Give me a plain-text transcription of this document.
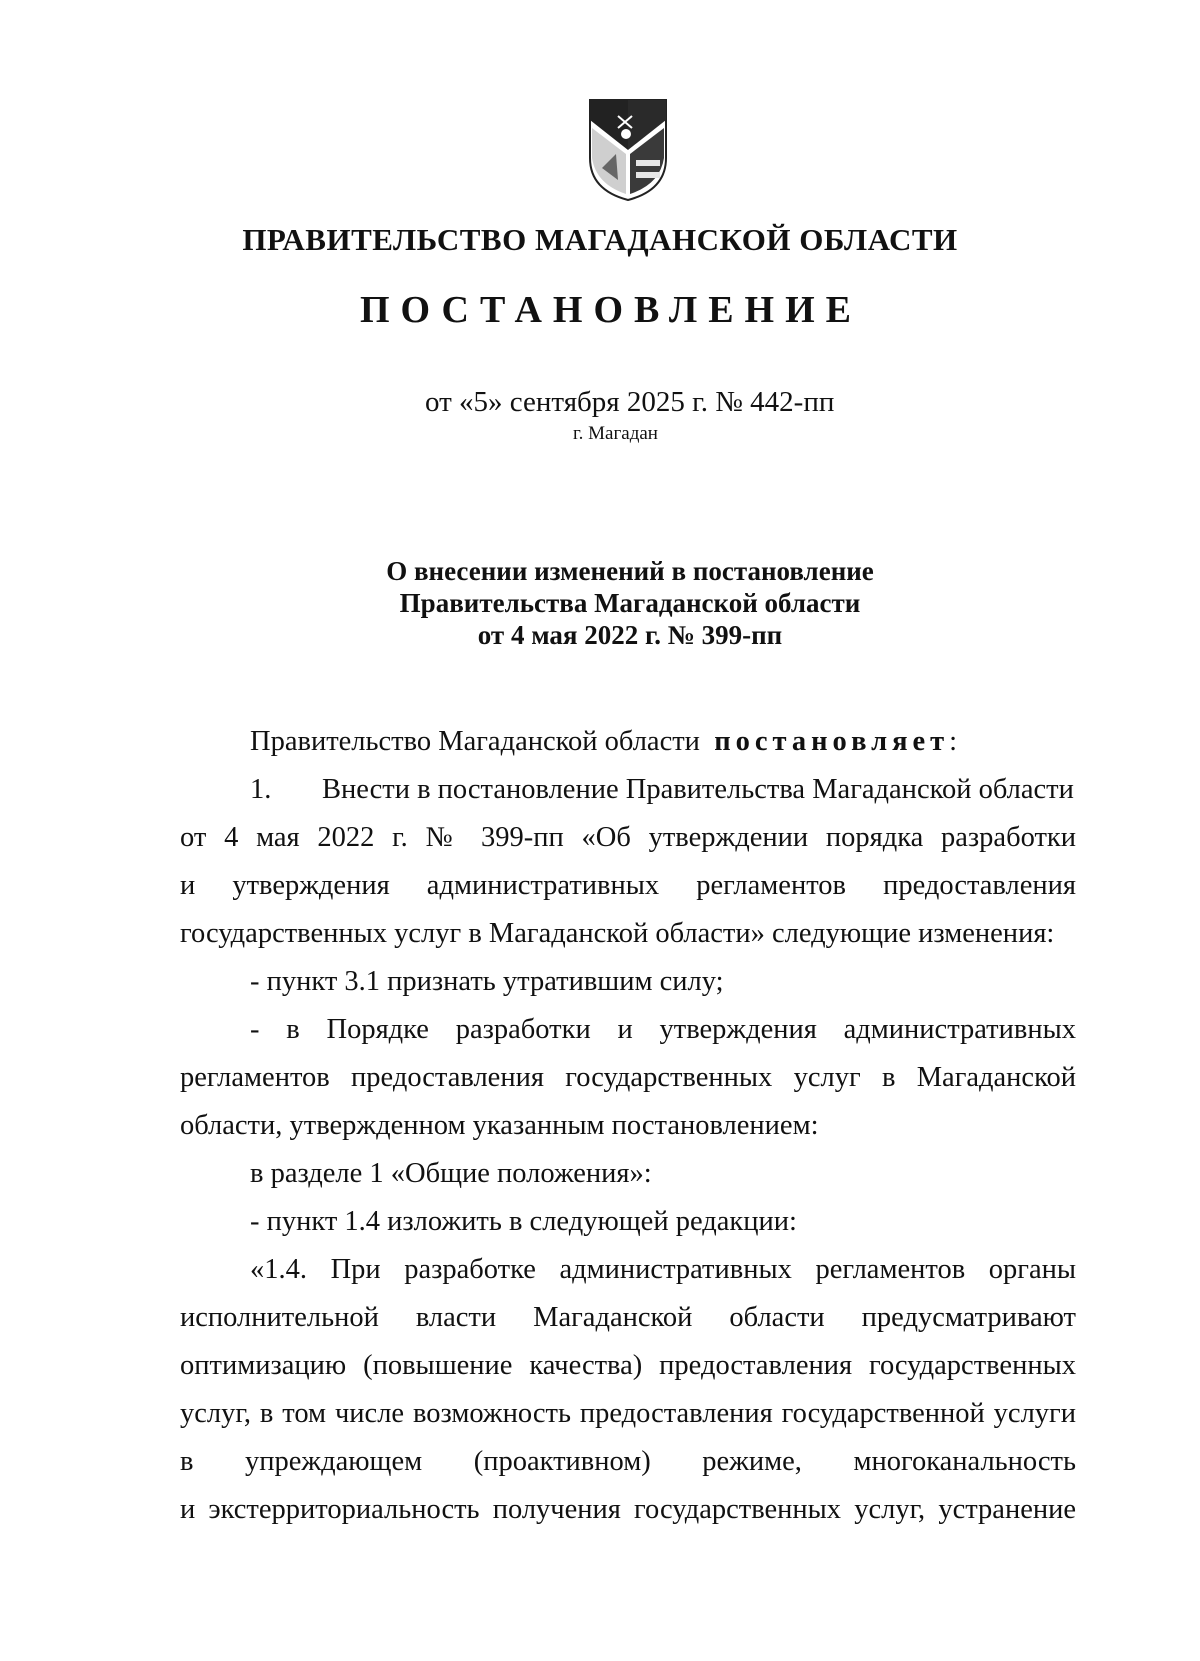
ПРАВИТЕЛЬСТВО МАГАДАНСКОЙ ОБЛАСТИ
ПОСТАНОВЛЕНИЕ
от «5» сентября 2025 г. № 442-пп
г. Магадан
О внесении изменений в постановление
Правительства Магаданской области
от 4 мая 2022 г. № 399-пп

Правительство Магаданской области постановляет:

1. Внести в постановление Правительства Магаданской области

от 4 мая 2022 г. № 399-пп «Об утверждении порядка разработки

и утверждения административных регламентов предоставления

государственных услуг в Магаданской области» следующие изменения:

- пункт 3.1 признать утратившим силу;

- в Порядке разработки и утверждения административных

регламентов предоставления государственных услуг в Магаданской

области, утвержденном указанным постановлением:

в разделе 1 «Общие положения»:

- пункт 1.4 изложить в следующей редакции:

«1.4. При разработке административных регламентов органы

исполнительной власти Магаданской области предусматривают

оптимизацию (повышение качества) предоставления государственных

услуг, в том числе возможность предоставления государственной услуги

в упреждающем (проактивном) режиме, многоканальность

и экстерриториальность получения государственных услуг, устранение
